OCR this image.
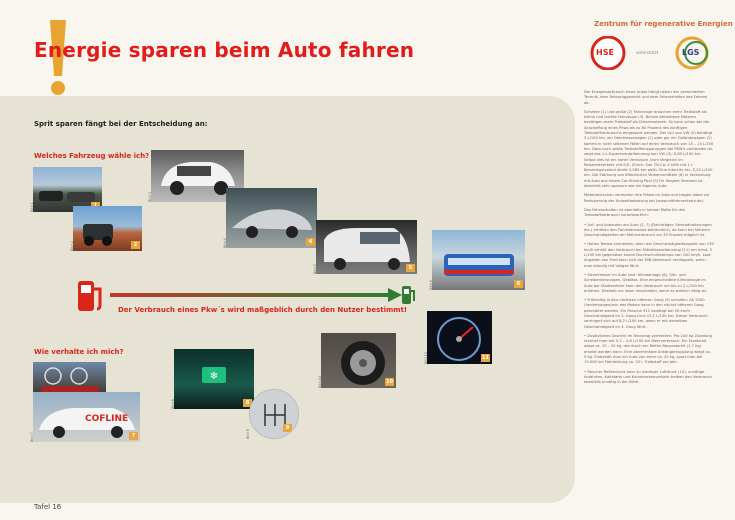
Energie sparen beim Auto fahren
Sprit sparen fängt bei der Entscheidung an:
Welches Fahrzeug wähle ich?
Wie verhalte ich mich?
Bild 1
2
Bild 2
Bild 3
4
Bild 4
5
Bild 5
6
Bild 6
Der Verbrauch eines Pkw´s wird maßgeblich durch den Nutzer bestimmt!
11
Bild 11
10
Bild 10
❄
8
Bild 8
9
Bild 9
COFLINE
7
Bild 7
Tafel 16
Zentrum für regenerative Energien
HSE	unterstützt	LGS

Der Energieverbrauch eines Autos hängt neben der verwendeten Technik, dem Fahrzeuggewicht und dem Fahrverhalten des Fahrers ab.

Schwere (1) und große (2) Fahrzeuge brauchen mehr Treibstoff als kleine und leichte Fahrzeuge (3). Benzin-betriebene Motoren benötigen mehr Treibstoff als Dieselmotoren. So kann schon bei der Anschaffung eines Pkws bis zu 80 Prozent des künftigen Treibstoffverbrauchs eingespart werden. Der Up! von VW (5) benötigt 3 L/100 km, ein Oberklassewagen (1) oder gar ein Geländewagen (2) kommt in nicht seltenen Fällen auf einen Verbrauch von 15 – 15 L/100 km. Dass noch große Treibstoffeinsparungen bei PKW's vorhanden ist, zeigt das 1-L-Experimentalfahrzeug von VW (4): 0,89 L/100 km. Selbst dies ist ein hoher Verbrauch (zum Vergleich im Reisendeverkehr mit ICE: Zürich: Der ÖV-Ca: 0 kWh mit 1 L Benzinäquivalent direkt 0,085 km weit). Eine Intercity etc. 0,02 L/100 km. Die Stärkung von öffentlichen Verkehrsmitteln (6) in Verbindung mit Auto aus einem Car-Sharing Pool (5) für längere Strecken ist ebenfalls sehr sparsam wie ein eigenes Auto.

Mitteldeutschen vermieten ihre Plätze im Auto und tragen dabei zur Reduzierung der Umweltbelastung bei (www.mitfahrzentrale.de).

Das Fahrverhalten ist ebenfalls in hohem Maße für den Treibstoffverbrauch verantwortlich:

• Auf- und Anbauten am Auto (2, 7) (Dachträger, Fahrradhalterungen etc.) erhöhen den Fahrwiderstand beträchtlich, da kann bei höheren Geschwindigkeiten ein Mehrverbrauch um 30 Prozent möglich ist.

• Hohes Tempo vermeiden, denn der Geschwindigkeitsaspekt von 130 km/h erhöht den Verbrauch bei Mittelklassefahrzeug (11) um mind. 3 L/100 km gegenüber einem Durchschnittstempo von 100 km/h. Laut Angaben von Ford kann sich der DIN-Verbrauch verdoppeln, wenn man ständig mit Vollgas fährt.

• Stromfresser im Auto sind: Klimaanlage (8), Sitz- und Scheibenheizungen, Gebläse. Eine eingeschaltete Klimaanlage im Auto bei Stadtverkehr kann den Verbrauch um bis zu 2 L/100 km erhöhen. Deshalb nur dann einschalten, wenn es wirklich nötig ist.

• Frühzeitig in den nächsten höheren Gang (9) schalten: Ab 2000 Umdrehungen/min des Motors kann in den nächst höheren Gang geschaltet werden. Ein Porsche 911 benötigt bei 50 km/h Geschwindigkeit im 2. Gang circa 15,1 L/100 km, Dieser Verbrauch verringert sich auf 8,2 L/100 km, wenn er mit derselben Geschwindigkeit im 4. Gang fährt.

• Zusätzliches Gewicht im Fahrzeug vermeiden: Pro 100 kg Zuladung rechnet man mit 0,3 – 0,6 L/100 km Mehrverbrauch. Ein Ersatzrad wiegt ca. 15 – 20 kg, das durch ein Reifen-Reparaturkit (1,7 kg) ersetzt werden kann. Eine abnehmbare Anhängerkupplung wiegt ca. 5 kg. Einbehält man ein Auto von einer ca. 25 kg, spart man bei 15.000 km Fahrleistung ca. 25 L Treibstoff pro Jahr.

• Falscher Reifendruck oder zu niedriger Luftdruck (10), unnötige Anfahrten, Kaltstarts und Kurzstreckenverkehr treiben den Verbrauch ebenfalls unnötig in die Höhe.
